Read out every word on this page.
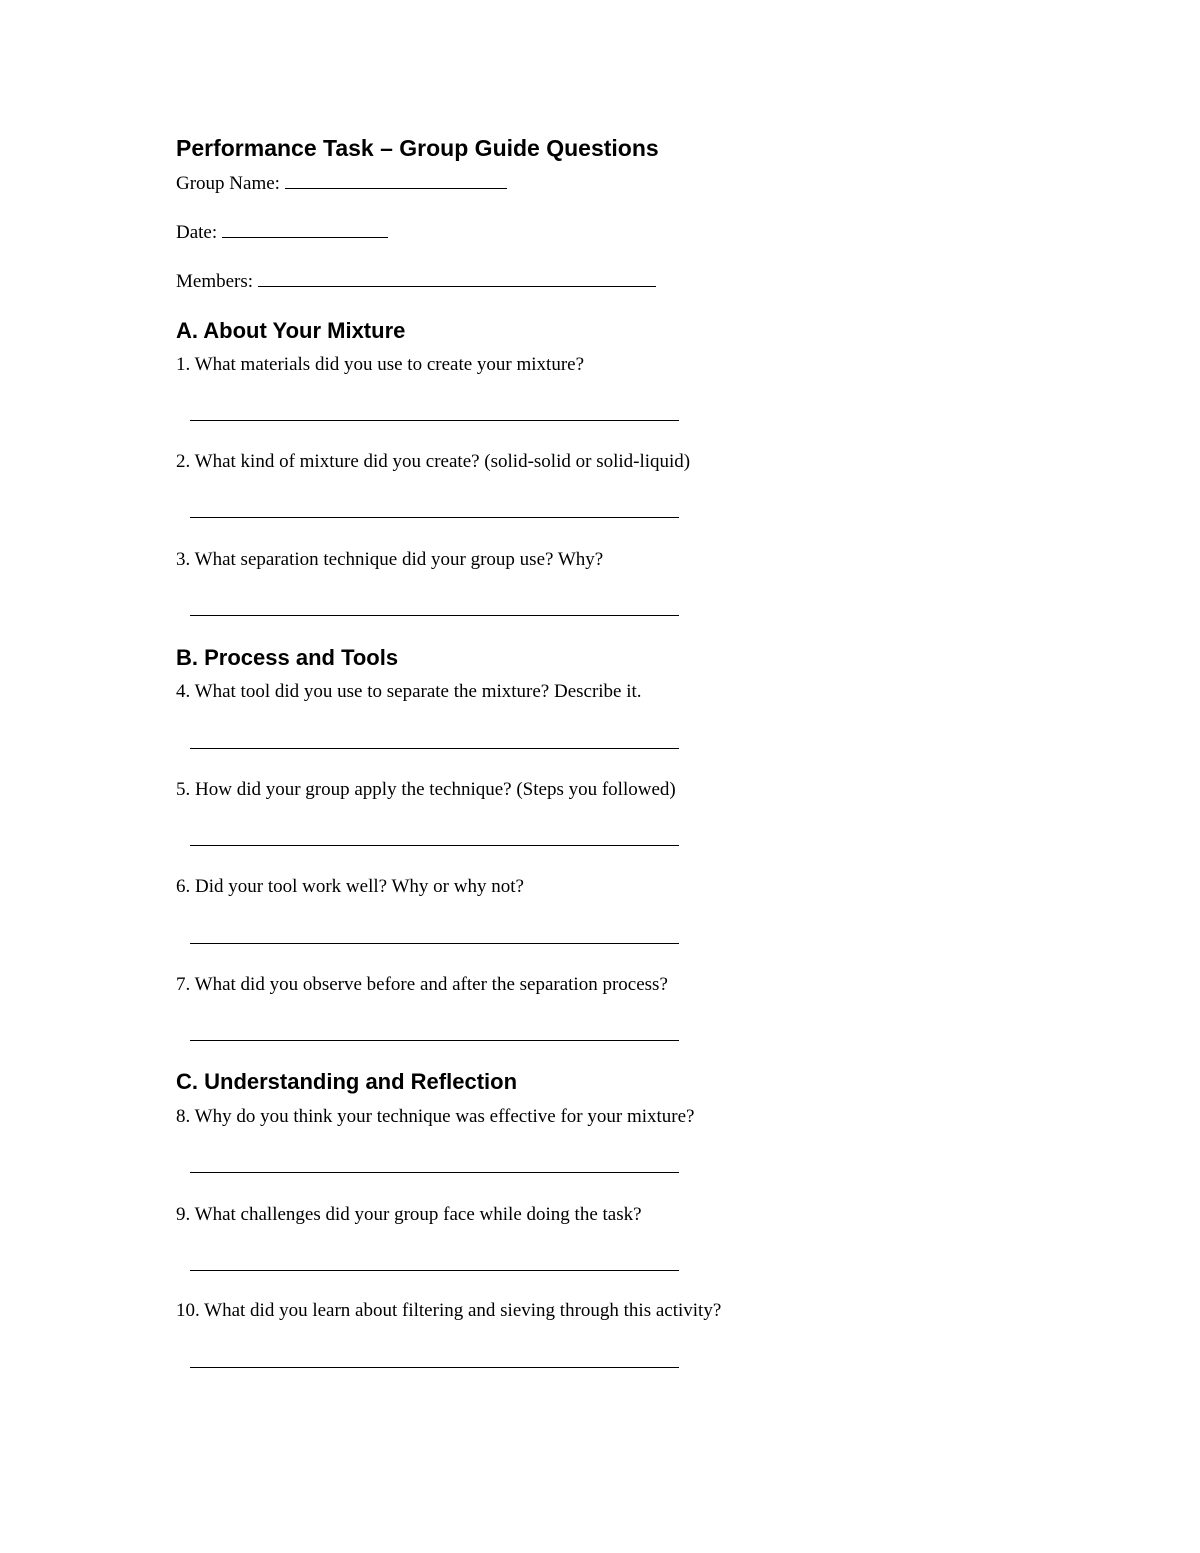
Performance Task – Group Guide Questions
Group Name:
Date:
Members:
A. About Your Mixture
1. What materials did you use to create your mixture?
2. What kind of mixture did you create? (solid-solid or solid-liquid)
3. What separation technique did your group use? Why?
B. Process and Tools
4. What tool did you use to separate the mixture? Describe it.
5. How did your group apply the technique? (Steps you followed)
6. Did your tool work well? Why or why not?
7. What did you observe before and after the separation process?
C. Understanding and Reflection
8. Why do you think your technique was effective for your mixture?
9. What challenges did your group face while doing the task?
10. What did you learn about filtering and sieving through this activity?
